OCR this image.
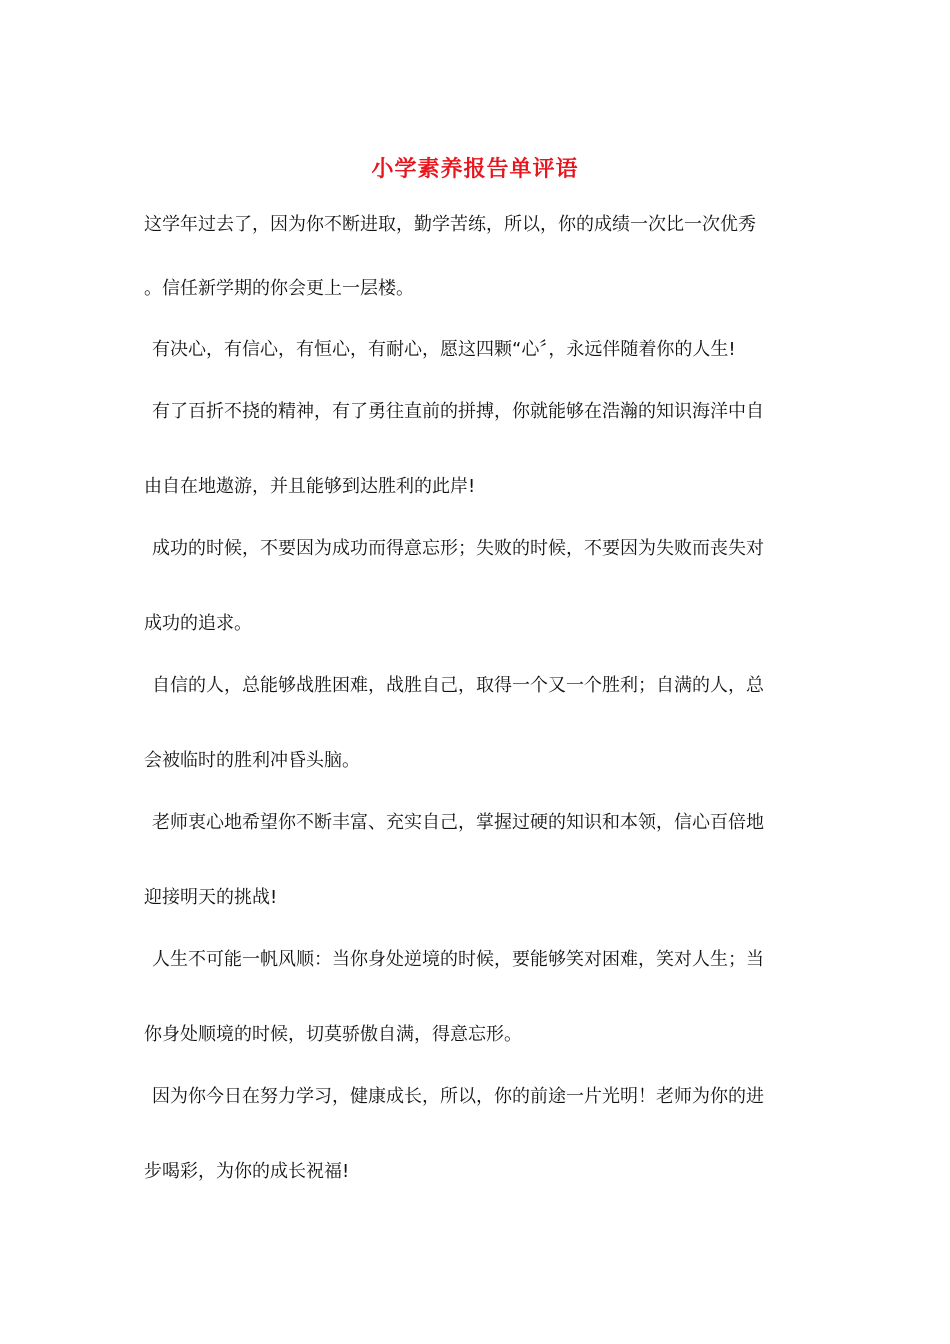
小学素养报告单评语
这学年过去了，因为你不断进取，勤学苦练，所以，你的成绩一次比一次优秀
。信任新学期的你会更上一层楼。
有决心，有信心，有恒心，有耐心，愿这四颗“心〞，永远伴随着你的人生!
有了百折不挠的精神，有了勇往直前的拼搏，你就能够在浩瀚的知识海洋中自
由自在地遨游，并且能够到达胜利的此岸!
成功的时候，不要因为成功而得意忘形；失败的时候，不要因为失败而丧失对
成功的追求。
自信的人，总能够战胜困难，战胜自己，取得一个又一个胜利；自满的人，总
会被临时的胜利冲昏头脑。
老师衷心地希望你不断丰富、充实自己，掌握过硬的知识和本领，信心百倍地
迎接明天的挑战!
人生不可能一帆风顺：当你身处逆境的时候，要能够笑对困难，笑对人生；当
你身处顺境的时候，切莫骄傲自满，得意忘形。
因为你今日在努力学习，健康成长，所以，你的前途一片光明！老师为你的进
步喝彩，为你的成长祝福!
